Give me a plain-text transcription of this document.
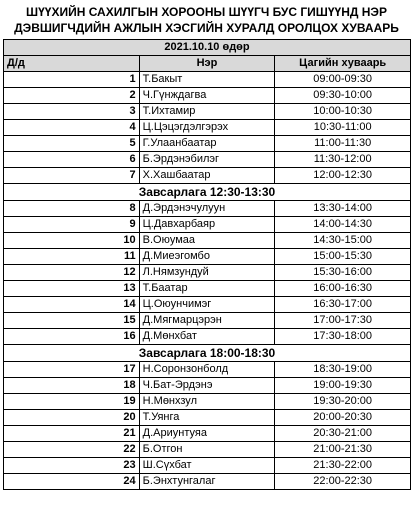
ШҮҮХИЙН САХИЛГЫН ХОРООНЫ ШҮҮГЧ БУС ГИШҮҮНД НЭР
ДЭВШИГЧДИЙН АЖЛЫН ХЭСГИЙН ХУРАЛД ОРОЛЦОХ ХУВААРЬ
2021.10.10 өдөр		
Д/д	Нэр	Цагийн хуваарь
1	Т.Бакыт	09:00-09:30
2	Ч.Гүнждагва	09:30-10:00
3	Т.Ихтамир	10:00-10:30
4	Ц.Цэцэгдэлгэрэх	10:30-11:00
5	Г.Улаанбаатар	11:00-11:30
6	Б.Эрдэнэбилэг	11:30-12:00
7	Х.Хашбаатар	12:00-12:30
Завсарлага 12:30-13:30		
8	Д.Эрдэнэчулуун	13:30-14:00
9	Ц.Давхарбаяр	14:00-14:30
10	В.Оюумаа	14:30-15:00
11	Д.Миеэгомбо	15:00-15:30
12	Л.Нямзундуй	15:30-16:00
13	Т.Баатар	16:00-16:30
14	Ц.Оюунчимэг	16:30-17:00
15	Д.Мягмарцэрэн	17:00-17:30
16	Д.Мөнхбат	17:30-18:00
Завсарлага 18:00-18:30		
17	Н.Соронзонболд	18:30-19:00
18	Ч.Бат-Эрдэнэ	19:00-19:30
19	Н.Мөнхзул	19:30-20:00
20	Т.Уянга	20:00-20:30
21	Д.Ариунтуяа	20:30-21:00
22	Б.Отгон	21:00-21:30
23	Ш.Сүхбат	21:30-22:00
24	Б.Энхтунгалаг	22:00-22:30
